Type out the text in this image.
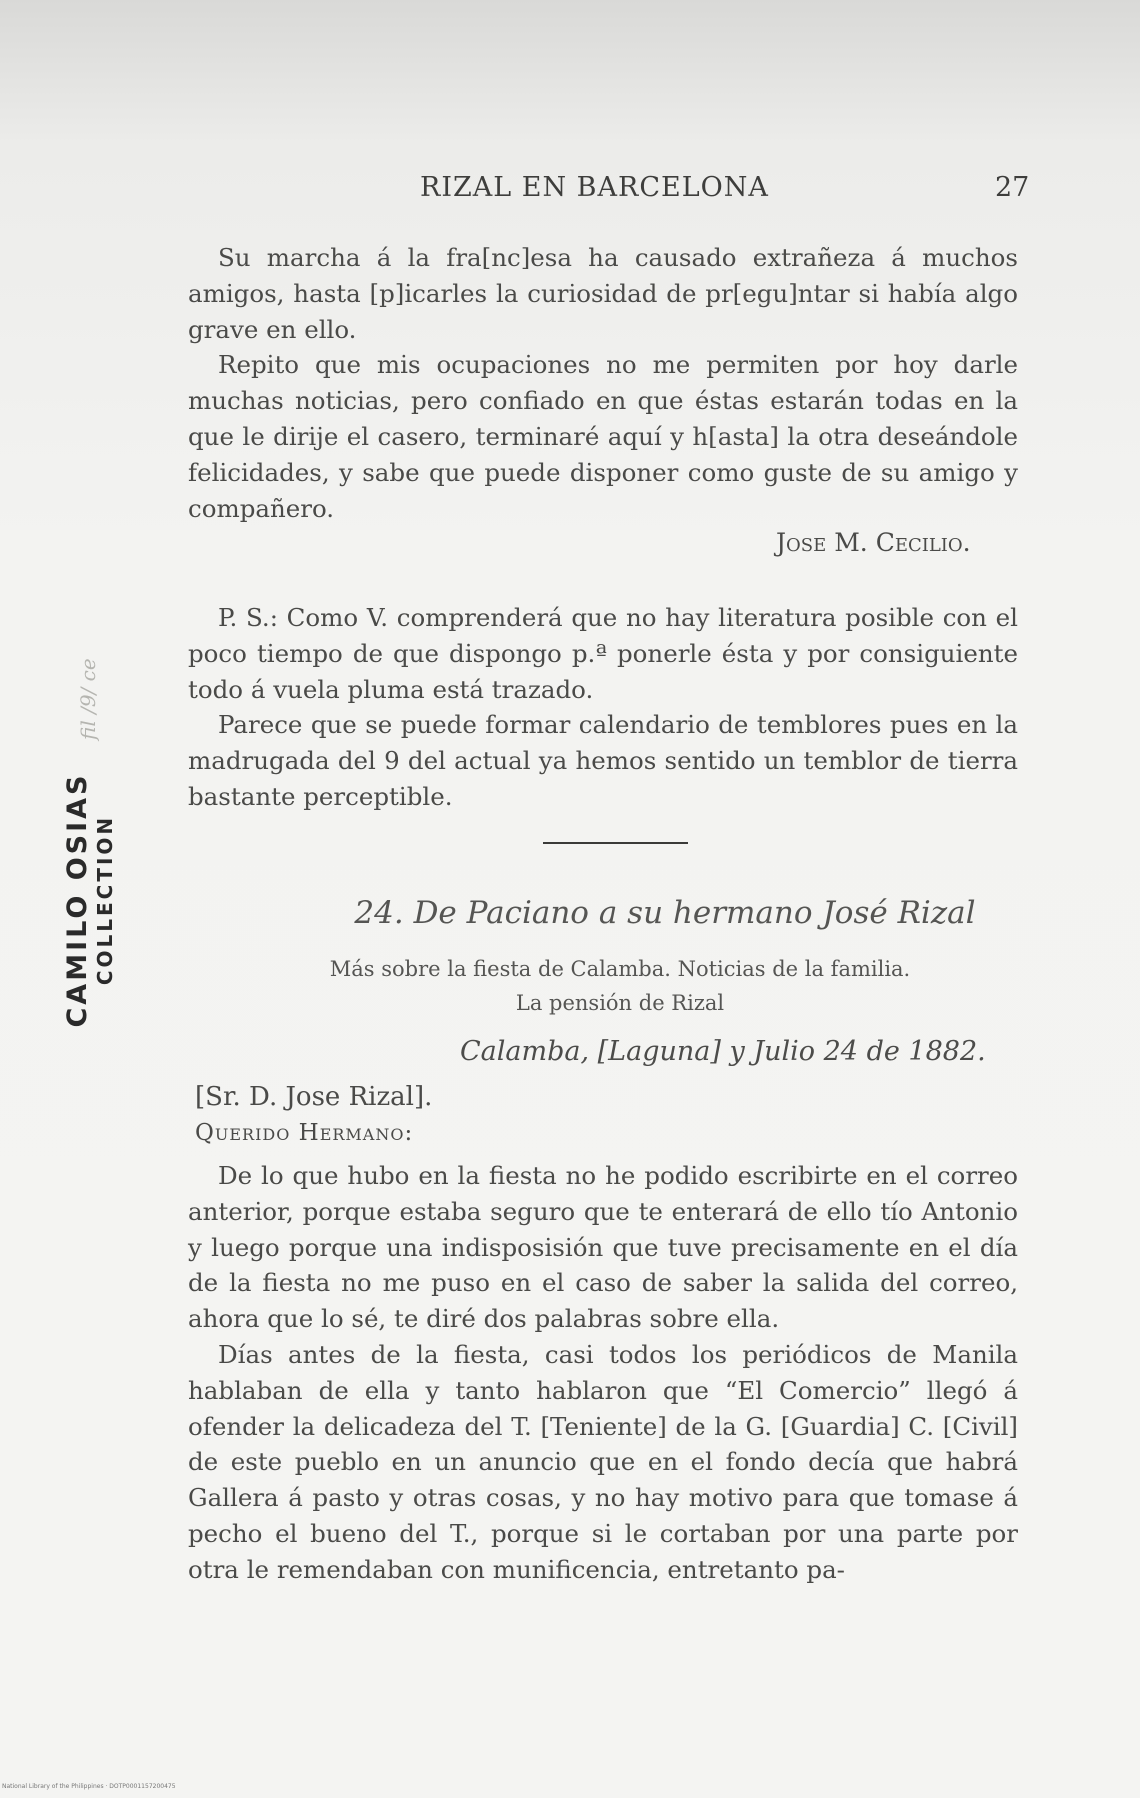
RIZAL EN BARCELONA	27

Su marcha á la fra[nc]esa ha causado extrañeza á muchos amigos, hasta [p]icarles la curiosidad de pr[egu]ntar si había algo grave en ello.

Repito que mis ocupaciones no me permiten por hoy darle muchas noticias, pero confiado en que éstas estarán todas en la que le dirije el casero, terminaré aquí y h[asta] la otra deseándole felicidades, y sabe que puede disponer como guste de su amigo y compañero.

Jose M. Cecilio.

P. S.: Como V. comprenderá que no hay literatura posible con el poco tiempo de que dispongo p.ª ponerle ésta y por consiguiente todo á vuela pluma está trazado.

Parece que se puede formar calendario de temblores pues en la madrugada del 9 del actual ya hemos sentido un temblor de tierra bastante perceptible.

24. De Paciano a su hermano José Rizal
Más sobre la fiesta de Calamba. Noticias de la familia.
La pensión de Rizal
Calamba, [Laguna] y Julio 24 de 1882.
[Sr. D. Jose Rizal].
Querido Hermano:

De lo que hubo en la fiesta no he podido escribirte en el correo anterior, porque estaba seguro que te enterará de ello tío Antonio y luego porque una indisposisión que tuve precisamente en el día de la fiesta no me puso en el caso de saber la salida del correo, ahora que lo sé, te diré dos palabras sobre ella.

Días antes de la fiesta, casi todos los periódicos de Manila hablaban de ella y tanto hablaron que “El Comercio” llegó á ofender la delicadeza del T. [Teniente] de la G. [Guardia] C. [Civil] de este pueblo en un anuncio que en el fondo decía que habrá Gallera á pasto y otras cosas, y no hay motivo para que tomase á pecho el bueno del T., porque si le cortaban por una parte por otra le remendaban con munificencia, entretanto pa-

CAMILO OSIAS COLLECTION
fil /9/ ce
National Library of the Philippines · DOTP0001157200475
